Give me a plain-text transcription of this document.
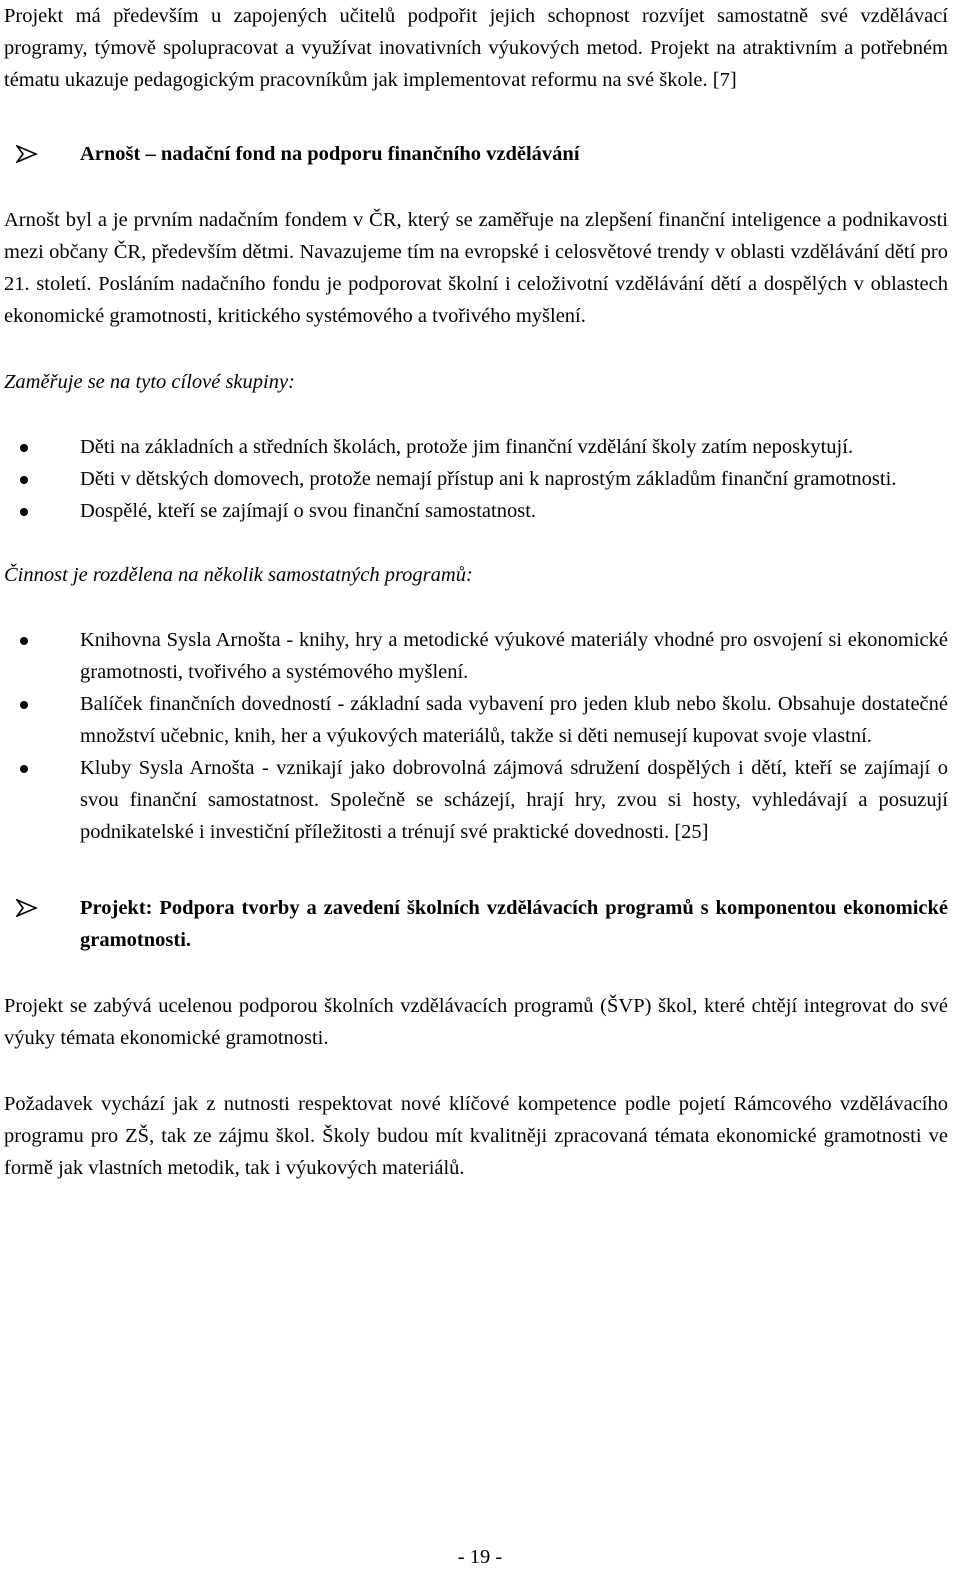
Projekt má především u zapojených učitelů podpořit jejich schopnost rozvíjet samostatně své vzdělávací programy, týmově spolupracovat a využívat inovativních výukových metod. Projekt na atraktivním a potřebném tématu ukazuje pedagogickým pracovníkům jak implementovat reformu na své škole. [7]

Arnošt – nadační fond na podporu finančního vzdělávání

Arnošt byl a je prvním nadačním fondem v ČR, který se zaměřuje na zlepšení finanční inteligence a podnikavosti mezi občany ČR, především dětmi. Navazujeme tím na evropské i celosvětové trendy v oblasti vzdělávání dětí pro 21. století. Posláním nadačního fondu je podporovat školní i celoživotní vzdělávání dětí a dospělých v oblastech ekonomické gramotnosti, kritického systémového a tvořivého myšlení.

Zaměřuje se na tyto cílové skupiny:

Děti na základních a středních školách, protože jim finanční vzdělání školy zatím neposkytují.
Děti v dětských domovech, protože nemají přístup ani k naprostým základům finanční gramotnosti.
Dospělé, kteří se zajímají o svou finanční samostatnost.

Činnost je rozdělena na několik samostatných programů:

Knihovna Sysla Arnošta - knihy, hry a metodické výukové materiály vhodné pro osvojení si ekonomické gramotnosti, tvořivého a systémového myšlení.
Balíček finančních dovedností - základní sada vybavení pro jeden klub nebo školu. Obsahuje dostatečné množství učebnic, knih, her a výukových materiálů, takže si děti nemusejí kupovat svoje vlastní.
Kluby Sysla Arnošta - vznikají jako dobrovolná zájmová sdružení dospělých i dětí, kteří se zajímají o svou finanční samostatnost. Společně se scházejí, hrají hry, zvou si hosty, vyhledávají a posuzují podnikatelské i investiční příležitosti a trénují své praktické dovednosti. [25]
Projekt: Podpora tvorby a zavedení školních vzdělávacích programů s komponentou ekonomické gramotnosti.

Projekt se zabývá ucelenou podporou školních vzdělávacích programů (ŠVP) škol, které chtějí integrovat do své výuky témata ekonomické gramotnosti.

Požadavek vychází jak z nutnosti respektovat nové klíčové kompetence podle pojetí Rámcového vzdělávacího programu pro ZŠ, tak ze zájmu škol. Školy budou mít kvalitněji zpracovaná témata ekonomické gramotnosti ve formě jak vlastních metodik, tak i výukových materiálů.

- 19 -
